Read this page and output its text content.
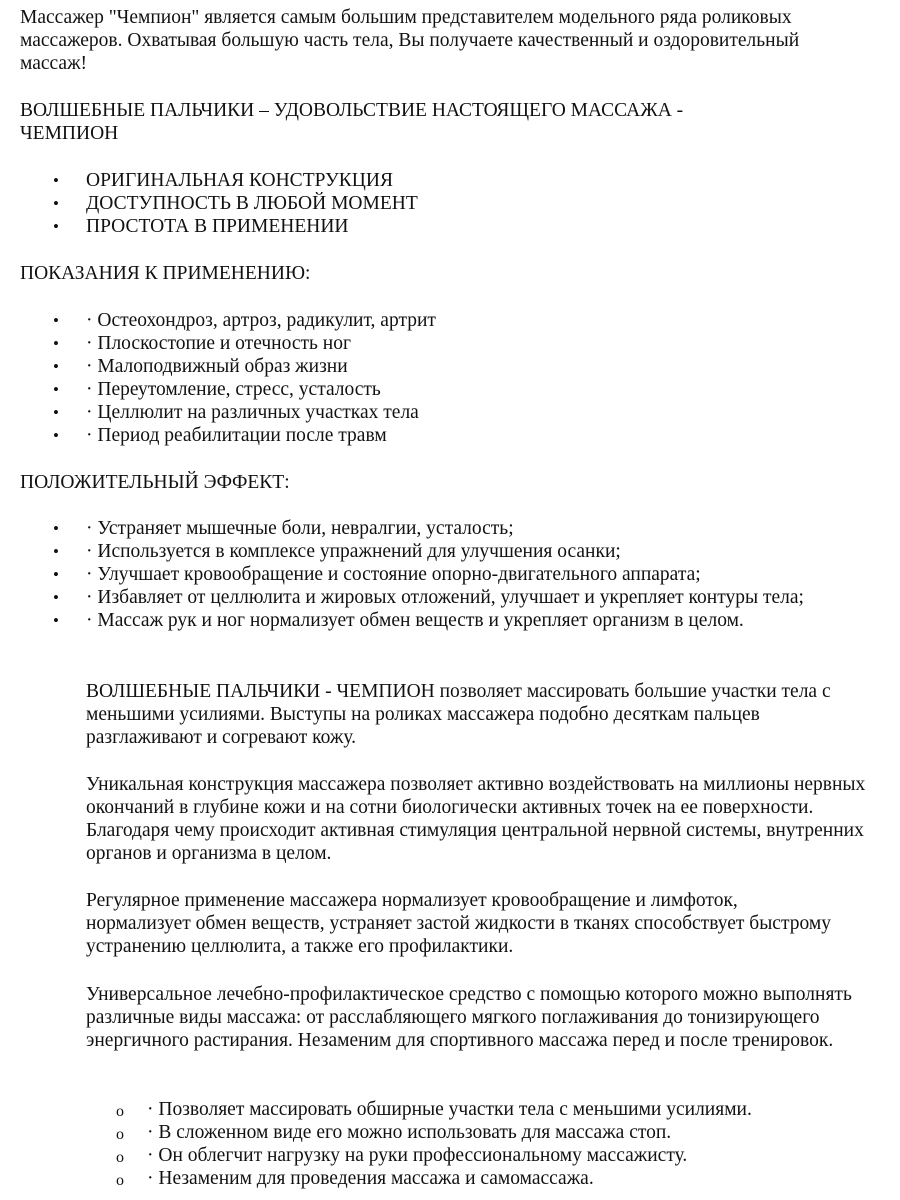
Массажер "Чемпион" является самым большим представителем модельного ряда роликовых массажеров. Охватывая большую часть тела, Вы получаете качественный и оздоровительный массаж!

ВОЛШЕБНЫЕ ПАЛЬЧИКИ – УДОВОЛЬСТВИЕ НАСТОЯЩЕГО МАССАЖА - ЧЕМПИОН

• ОРИГИНАЛЬНАЯ КОНСТРУКЦИЯ
• ДОСТУПНОСТЬ В ЛЮБОЙ МОМЕНТ
• ПРОСТОТА В ПРИМЕНЕНИИ

ПОКАЗАНИЯ К ПРИМЕНЕНИЮ:

• · Остеохондроз, артроз, радикулит, артрит
• · Плоскостопие и отечность ног
• · Малоподвижный образ жизни
• · Переутомление, стресс, усталость
• · Целлюлит на различных участках тела
• · Период реабилитации после травм

ПОЛОЖИТЕЛЬНЫЙ ЭФФЕКТ:

• · Устраняет мышечные боли, невралгии, усталость;
• · Используется в комплексе упражнений для улучшения осанки;
• · Улучшает кровообращение и состояние опорно-двигательного аппарата;
• · Избавляет от целлюлита и жировых отложений, улучшает и укрепляет контуры тела;
• · Массаж рук и ног нормализует обмен веществ и укрепляет организм в целом.

ВОЛШЕБНЫЕ ПАЛЬЧИКИ - ЧЕМПИОН позволяет массировать большие участки тела с меньшими усилиями. Выступы на роликах массажера подобно десяткам пальцев разглаживают и согревают кожу.

Уникальная конструкция массажера позволяет активно воздействовать на миллионы нервных окончаний в глубине кожи и на сотни биологически активных точек на ее поверхности. Благодаря чему происходит активная стимуляция центральной нервной системы, внутренних органов и организма в целом.

Регулярное применение массажера нормализует кровообращение и лимфоток, нормализует обмен веществ, устраняет застой жидкости в тканях способствует быстрому устранению целлюлита, а также его профилактики.

Универсальное лечебно-профилактическое средство с помощью которого можно выполнять различные виды массажа: от расслабляющего мягкого поглаживания до тонизирующего энергичного растирания. Незаменим для спортивного массажа перед и после тренировок.

o · Позволяет массировать обширные участки тела с меньшими усилиями.
o · В сложенном виде его можно использовать для массажа стоп.
o · Он облегчит нагрузку на руки профессиональному массажисту.
o · Незаменим для проведения массажа и самомассажа.
